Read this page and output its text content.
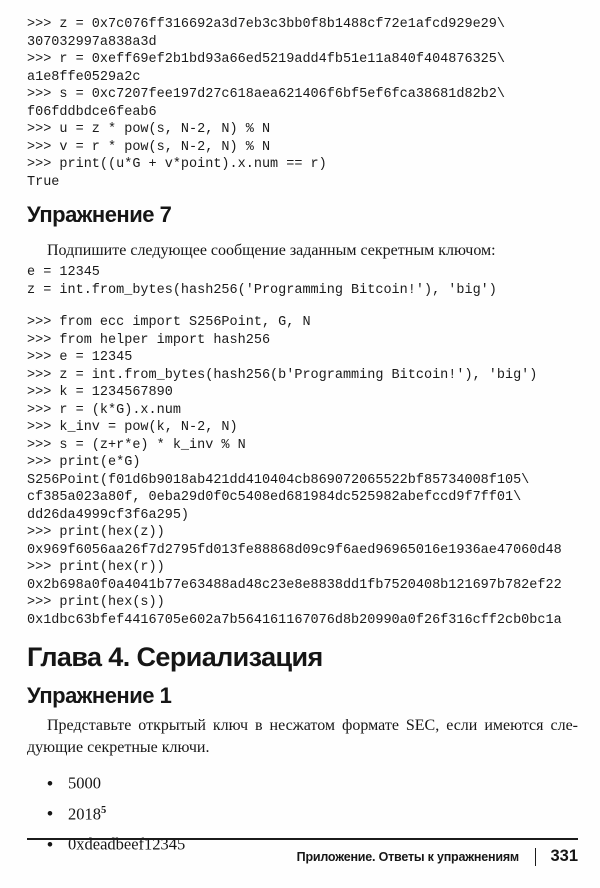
>>> z = 0x7c076ff316692a3d7eb3c3bb0f8b1488cf72e1afcd929e29\
307032997a838a3d
>>> r = 0xeff69ef2b1bd93a66ed5219add4fb51e11a840f404876325\
a1e8ffe0529a2c
>>> s = 0xc7207fee197d27c618aea621406f6bf5ef6fca38681d82b2\
f06fddbdce6feab6
>>> u = z * pow(s, N-2, N) % N
>>> v = r * pow(s, N-2, N) % N
>>> print((u*G + v*point).x.num == r)
True
Упражнение 7

Подпишите следующее сообщение заданным секретным ключом:

e = 12345
z = int.from_bytes(hash256('Programming Bitcoin!'), 'big')
>>> from ecc import S256Point, G, N
>>> from helper import hash256
>>> e = 12345
>>> z = int.from_bytes(hash256(b'Programming Bitcoin!'), 'big')
>>> k = 1234567890
>>> r = (k*G).x.num
>>> k_inv = pow(k, N-2, N)
>>> s = (z+r*e) * k_inv % N
>>> print(e*G)
S256Point(f01d6b9018ab421dd410404cb869072065522bf85734008f105\
cf385a023a80f, 0eba29d0f0c5408ed681984dc525982abefccd9f7ff01\
dd26da4999cf3f6a295)
>>> print(hex(z))
0x969f6056aa26f7d2795fd013fe88868d09c9f6aed96965016e1936ae47060d48
>>> print(hex(r))
0x2b698a0f0a4041b77e63488ad48c23e8e8838dd1fb7520408b121697b782ef22
>>> print(hex(s))
0x1dbc63bfef4416705e602a7b564161167076d8b20990a0f26f316cff2cb0bc1a
Глава 4. Сериализация
Упражнение 1
Представьте открытый ключ в несжатом формате SEC, если имеются сле-
дующие секретные ключи.
• 5000
• 2018$^5$
• 0xdeadbeef12345
Приложение. Ответы к упражнениям 331
